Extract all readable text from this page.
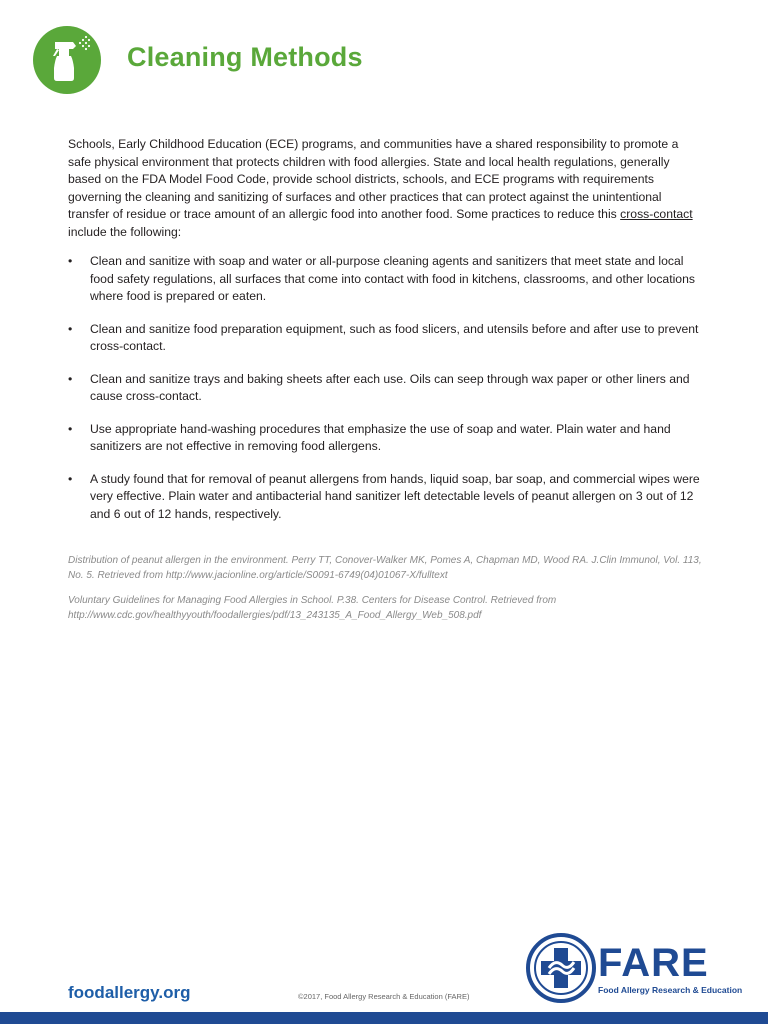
Cleaning Methods

Schools, Early Childhood Education (ECE) programs, and communities have a shared responsibility to promote a safe physical environment that protects children with food allergies. State and local health regulations, generally based on the FDA Model Food Code, provide school districts, schools, and ECE programs with requirements governing the cleaning and sanitizing of surfaces and other practices that can protect against the unintentional transfer of residue or trace amount of an allergic food into another food. Some practices to reduce this cross-contact include the following:

•	Clean and sanitize with soap and water or all-purpose cleaning agents and sanitizers that meet state and local food safety regulations, all surfaces that come into contact with food in kitchens, classrooms, and other locations where food is prepared or eaten.
•	Clean and sanitize food preparation equipment, such as food slicers, and utensils before and after use to prevent cross-contact.
•	Clean and sanitize trays and baking sheets after each use. Oils can seep through wax paper or other liners and cause cross-contact.
•	Use appropriate hand-washing procedures that emphasize the use of soap and water. Plain water and hand sanitizers are not effective in removing food allergens.
•	A study found that for removal of peanut allergens from hands, liquid soap, bar soap, and commercial wipes were very effective. Plain water and antibacterial hand sanitizer left detectable levels of peanut allergen on 3 out of 12 and 6 out of 12 hands, respectively.

Distribution of peanut allergen in the environment. Perry TT, Conover-Walker MK, Pomes A, Chapman MD, Wood RA. J.Clin Immunol, Vol. 113, No. 5. Retrieved from http://www.jacionline.org/article/S0091-6749(04)01067-X/fulltext

Voluntary Guidelines for Managing Food Allergies in School. P.38. Centers for Disease Control. Retrieved from http://www.cdc.gov/healthyyouth/foodallergies/pdf/13_243135_A_Food_Allergy_Web_508.pdf

foodallergy.org	©2017, Food Allergy Research & Education (FARE)
FARE
Food Allergy Research & Education
